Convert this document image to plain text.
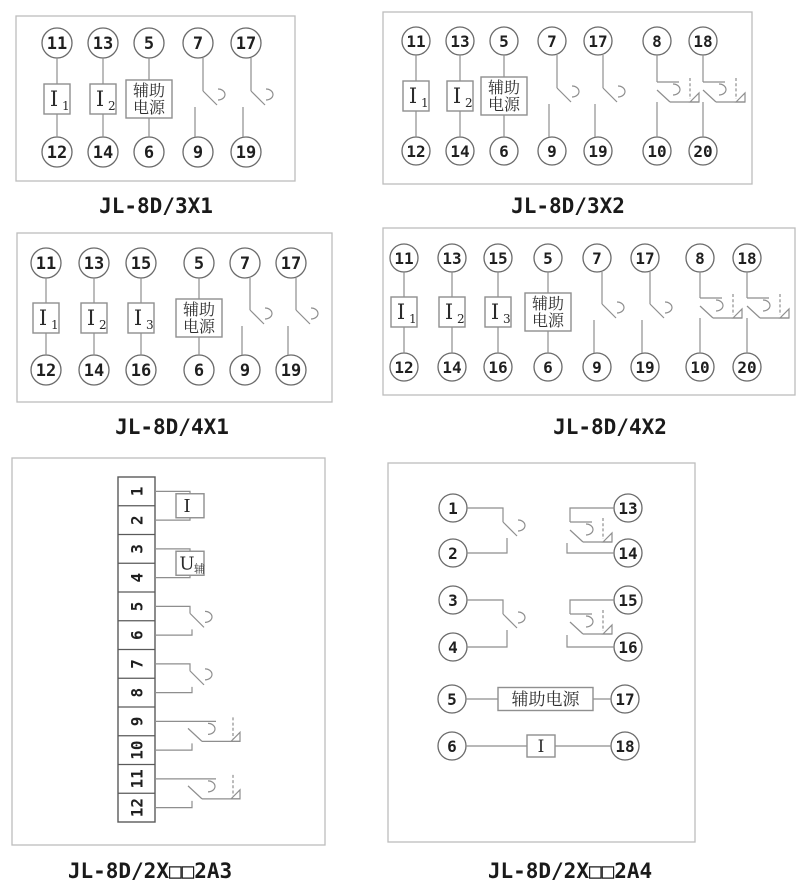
11
12
I 1
13
14
I 2
5
6
辅助
电源
7
9
17
19
11
12
I 1
13
14
I 2
5
6
辅助
电源
7
9
17
19
8
10
18
20
11
12
I 1
13
14
I 2
15
16
I 3
5
6
辅助
电源
7
9
17
19
11
12
I 1
13
14
I 2
15
16
I 3
5
6
辅助
电源
7
9
17
19
8
10
18
20
1
2
3
4
5
6
7
8
9
10
11
12
I
U 辅
1
2
13
14
3
4
15
16
5	17
辅助电源
6	18
I
JL-8D/3X1	JL-8D/3X2
JL-8D/4X1	JL-8D/4X2
JL-8D/2X□□2A3	JL-8D/2X□□2A4
